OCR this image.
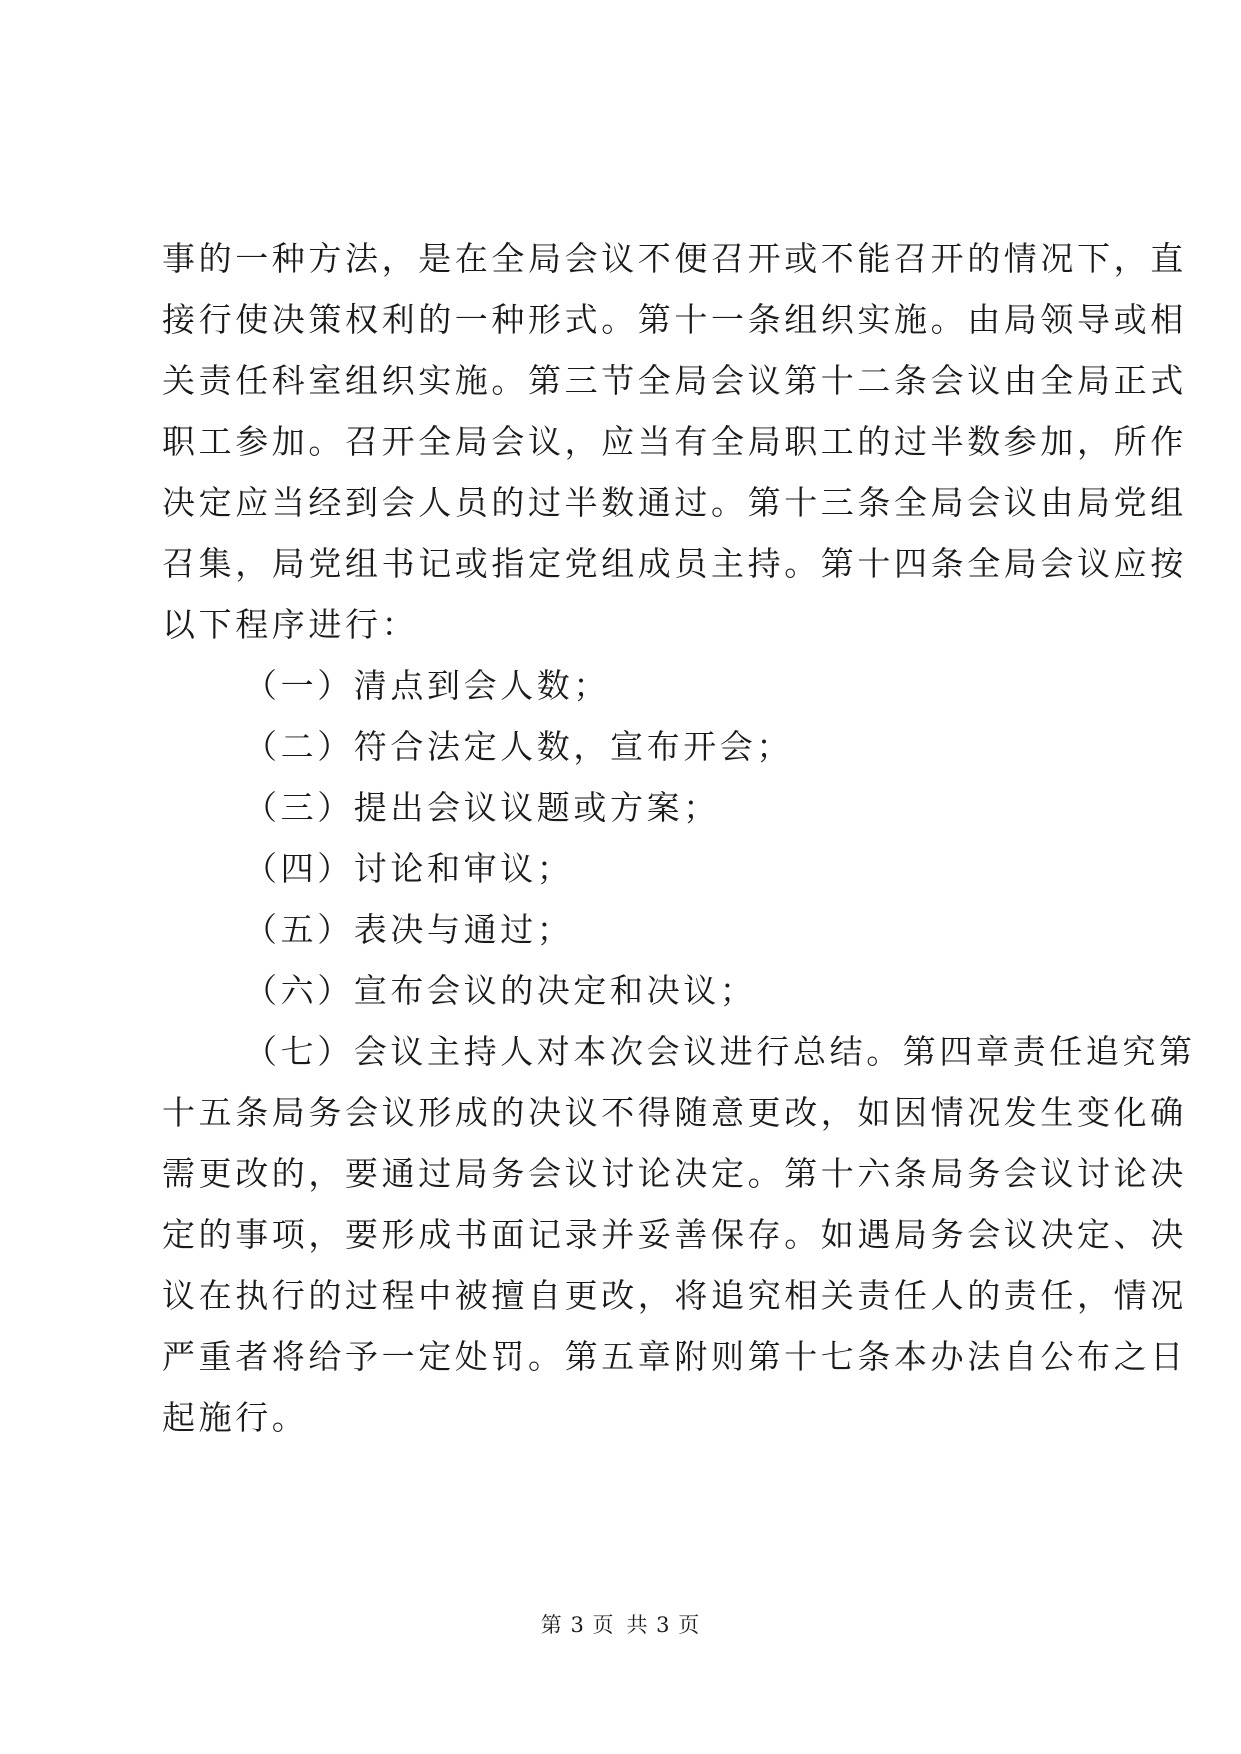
事的一种方法，是在全局会议不便召开或不能召开的情况下，直
接行使决策权利的一种形式。第十一条组织实施。由局领导或相
关责任科室组织实施。第三节全局会议第十二条会议由全局正式
职工参加。召开全局会议，应当有全局职工的过半数参加，所作
决定应当经到会人员的过半数通过。第十三条全局会议由局党组
召集，局党组书记或指定党组成员主持。第十四条全局会议应按
以下程序进行：
（一）清点到会人数；
（二）符合法定人数，宣布开会；
（三）提出会议议题或方案；
（四）讨论和审议；
（五）表决与通过；
（六）宣布会议的决定和决议；
（七）会议主持人对本次会议进行总结。第四章责任追究第
十五条局务会议形成的决议不得随意更改，如因情况发生变化确
需更改的，要通过局务会议讨论决定。第十六条局务会议讨论决
定的事项，要形成书面记录并妥善保存。如遇局务会议决定、决
议在执行的过程中被擅自更改，将追究相关责任人的责任，情况
严重者将给予一定处罚。第五章附则第十七条本办法自公布之日
起施行。
第 3 页 共 3 页
